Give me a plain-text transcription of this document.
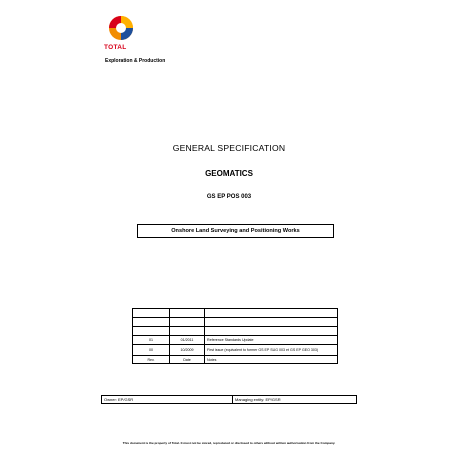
TOTAL
Exploration & Production
GENERAL SPECIFICATION
GEOMATICS
GS EP POS 003
Onshore Land Surveying and Positioning Works

01	01/2011	Reference Standards Update
00	10/2009	First issue (equivalent to former GS EP SUG 003 et GS EP GEO 303)
Rev.	Date	Notes
Owner: EP/GSR	Managing entity: EP/GSR
This document is the property of Total. It must not be stored, reproduced or disclosed to others without written authorisation from the Company.
